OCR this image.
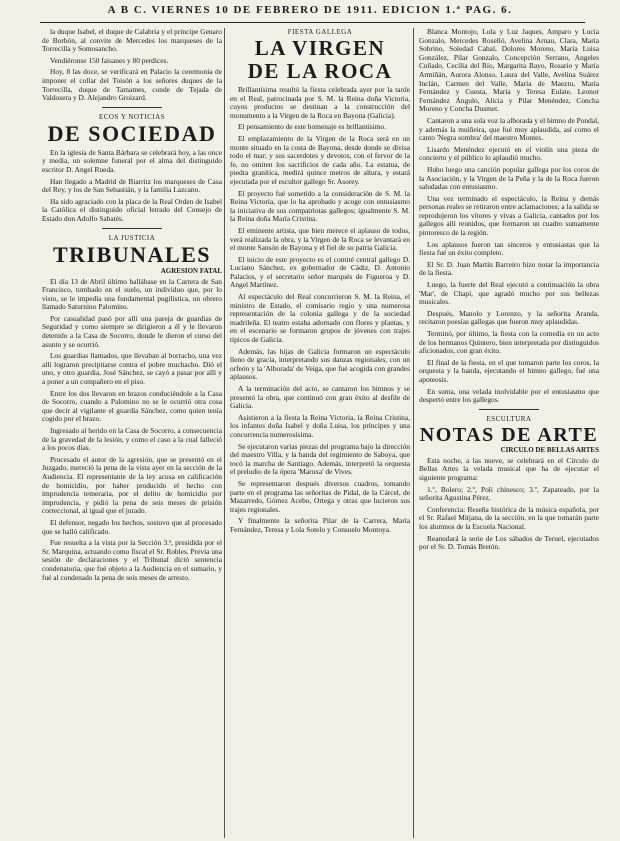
A B C. VIERNES 10 DE FEBRERO DE 1911. EDICION 1.ª PAG. 6.

la duque Isabel, el duque de Calabria y el príncipe Genaro de Borbón, al convite de Mercedes los marqueses de la Torrecilla y Somosancho.

Vendiéronse 150 faisanes y 80 perdices.

Hoy, 8 las doce, se verificará en Palacio la ceremonia de imponer el collar del Toisón a los señores duques de la Torrecilla, duque de Tamames, conde de Tejada de Valdosera y D. Alejandro Groizard.

ECOS Y NOTICIAS
DE SOCIEDAD

En la iglesia de Santa Bárbara se celebrará hoy, a las once y media, un solemne funeral por el alma del distinguido escritor D. Angel Rueda.

Han llegado a Madrid de Biarritz los marqueses de Casa del Rey, y los de San Sebastián, y la familia Lazcano.

Ha sido agraciado con la placa de la Real Orden de Isabel la Católica el distinguido oficial letrado del Consejo de Estado don Adolfo Sabatés.

LA JUSTICIA
TRIBUNALES
AGRESION FATAL

El día 13 de Abril último ballábase en la Carrera de San Francisco, tumbado en el suelo, un individuo que, por lo visto, se le impedía una fundamental pugilística, un obrero llamado Saturnino Palomino.

Por casualidad pasó por allí una pareja de guardias de Seguridad y como siempre se dirigieron a él y le llevaron detenido a la Casa de Socorro, donde le dieron el curso del asunto y se ocurrió.

Los guardias llamados, que llevaban al borracho, una vez allí lograron precipitarse contra el pobre muchacho. Dió el uno, y otro guardia, José Sánchez, se cayó a pasar por allí y a poner a un compañero en el piso.

Entre los dos llevaron en brazos conduciéndole a la Casa de Socorro, cuando a Palomino no se le ocurrió otra cosa que decir al vigilante el guardia Sánchez, como quien tenía cogido por el brazo.

Ingresado al herido en la Casa de Socorro, a consecuencia de la gravedad de la lesión, y como el caso a la cual falleció a los pocos días.

Procesado el autor de la agresión, que se presentó en el Juzgado, mereció la pena de la vista ayer en la sección de la Audiencia. El representante de la ley acusa en calificación de homicidio, por haber producido el hecho con imprudencia temeraria, por el delito de homicidio por imprudencia, y pidió la pena de seis meses de prisión correccional, al igual que el jurado.

El defensor, negado los hechos, sostuvo que al procesado que se halló calificado.

Fue resuelta a la vista por la Sección 3.ª, presidida por el Sr. Marquina, actuando como fiscal el Sr. Robles. Previa una sesión de declaraciones y el Tribunal dictó sentencia condenatoria, que fué objeto a la Audiencia en el sumario, y fué al condenado la pena de seis meses de arresto.

FIESTA GALLEGA
LA VIRGEN
DE LA ROCA

Brillantísima resultó la fiesta celebrada ayer por la tarde en el Real, patrocinada por S. M. la Reina doña Victoria, cuyos productos se destinan a la construcción del monumento a la Virgen de la Roca en Bayona (Galicia).

El pensamiento de este homenaje es brillantísimo.

El emplazamiento de la Virgen de la Roca será en un monte situado en la costa de Bayona, desde donde se divisa todo el mar; y sus sacerdotes y devotos, con el fervor de la fe, no omiten los sacrificios de cada año. La estatua, de piedra granítica, medirá quince metros de altura, y estará ejecutada por el escultor gallego Sr. Asorey.

El proyecto fué sometido a la consideración de S. M. la Reina Victoria, que lo ha aprobado y acoge con entusiasmo la iniciativa de sus compatriotas gallegos; igualmente S. M. la Reina doña María Cristina.

El eminente artista, que bien merece el aplauso de todos, verá realizada la obra, y la Virgen de la Roca se levantará en el monte Sansón de Bayona y el fiel de su patria Galicia.

El inicio de este proyecto es el comité central gallego D. Luciano Sánchez, ex gobernador de Cádiz, D. Antonio Palacios, y el secretario señor marqués de Figueroa y D. Angel Martínez.

Al espectáculo del Real concurrieron S. M. la Reina, el ministro de Estado, el comisario regio y una numerosa representación de la colonia gallega y de la sociedad madrileña. El teatro estaba adornado con flores y plantas, y en el escenario se formaron grupos de jóvenes con trajes típicos de Galicia.

Además, las hijas de Galicia formaron un espectáculo lleno de gracia, interpretando sus danzas regionales, con un orfeón y la 'Alborada' de Veiga, que fué acogida con grandes aplausos.

A la terminación del acto, se cantaron los himnos y se presentó la obra, que continuó con gran éxito al desfile de Galicia.

Asistieron a la fiesta la Reina Victoria, la Reina Cristina, los infantes doña Isabel y doña Luisa, los príncipes y una concurrencia numerosísima.

Se ejecutaron varias piezas del programa bajo la dirección del maestro Villa, y la banda del regimiento de Saboya, que tocó la marcha de Santiago. Además, interpretó la orquesta el preludio de la ópera 'Maruxa' de Vives.

Se representaron después diversos cuadros, tomando parte en el programa las señoritas de Pidal, de la Cárcel, de Mazarredo, Gómez Acebo, Ortega y otras que lucieron sus trajes regionales.

Y finalmente la señorita Pilar de la Carrera, María Fernández, Teresa y Lola Sotelo y Consuelo Montoya.

Blanca Montojo, Lola y Luz Jaques, Amparo y Lucía Gonzalo, Mercedes Roselló, Avelina Arnau, Clara, María Sobrino, Soledad Cabal, Dolores Moreno, María Luisa González, Pilar Gonzalo, Concepción Serrano, Angeles Cuñado, Cecilia del Río, Margarita Bayo, Rosario y María Armiñán, Aurora Alonso, Laura del Valle, Avelina Suárez Inclán, Carmen del Valle, María de Maeztu, María Fernández y Cuesta, María y Teresa Eulate, Leonor Fernández Ángulo, Alicia y Pilar Menéndez, Concha Moreno y Concha Dusmet.

Cantaron a una sola voz la alborada y el himno de Pondal, y además la muiñeira, que fué muy aplaudida, así como el canto 'Negra sombra' del maestro Montes.

Lisardo Menéndez ejecutó en el violín una pieza de concierto y el público lo aplaudió mucho.

Hubo luego una canción popular gallega por los coros de la Asociación, y la Virgen de la Peña y la de la Roca fueron saludadas con entusiasmo.

Una vez terminado el espectáculo, la Reina y demás personas reales se retiraron entre aclamaciones; a la salida se reprodujeron los vítores y vivas a Galicia, cantados por los gallegos allí reunidos, que formaron un cuadro sumamente pintoresco de la región.

Los aplausos fueron tan sinceros y entusiastas que la fiesta fué un éxito completo.

El Sr. D. Juan Martín Barreiro hizo notar la importancia de la fiesta.

Luego, la fuerte del Real ejecutó a continuación la obra 'Mar', de Chapí, que agradó mucho por sus bellezas musicales.

Después, Manolo y Lorenzo, y la señorita Aranda, recitaron poesías gallegas que fueron muy aplaudidas.

Terminó, por último, la fiesta con la comedia en un acto de los hermanos Quintero, bien interpretada por distinguidos aficionados, con gran éxito.

El final de la fiesta, en el que tomaron parte los coros, la orquesta y la banda, ejecutando el himno gallego, fué una apoteosis.

En suma, una velada inolvidable por el entusiasmo que despertó entre los gallegos.

ESCULTURA
NOTAS DE ARTE
CIRCULO DE BELLAS ARTES

Esta noche, a las nueve, se celebrará en el Círculo de Bellas Artes la velada musical que ha de ejecutar el siguiente programa:

1.º, Bolero; 2.º, Poli chinesco; 3.º, Zapateado, por la señorita Agustina Pérez.

Conferencia: Reseña histórica de la música española, por el Sr. Rafael Mitjana, de la sección, en la que tomarán parte los alumnos de la Escuela Nacional.

Reanudará la serie de Los sábados de Teruel, ejecutados por el Sr. D. Tomás Bretón.
